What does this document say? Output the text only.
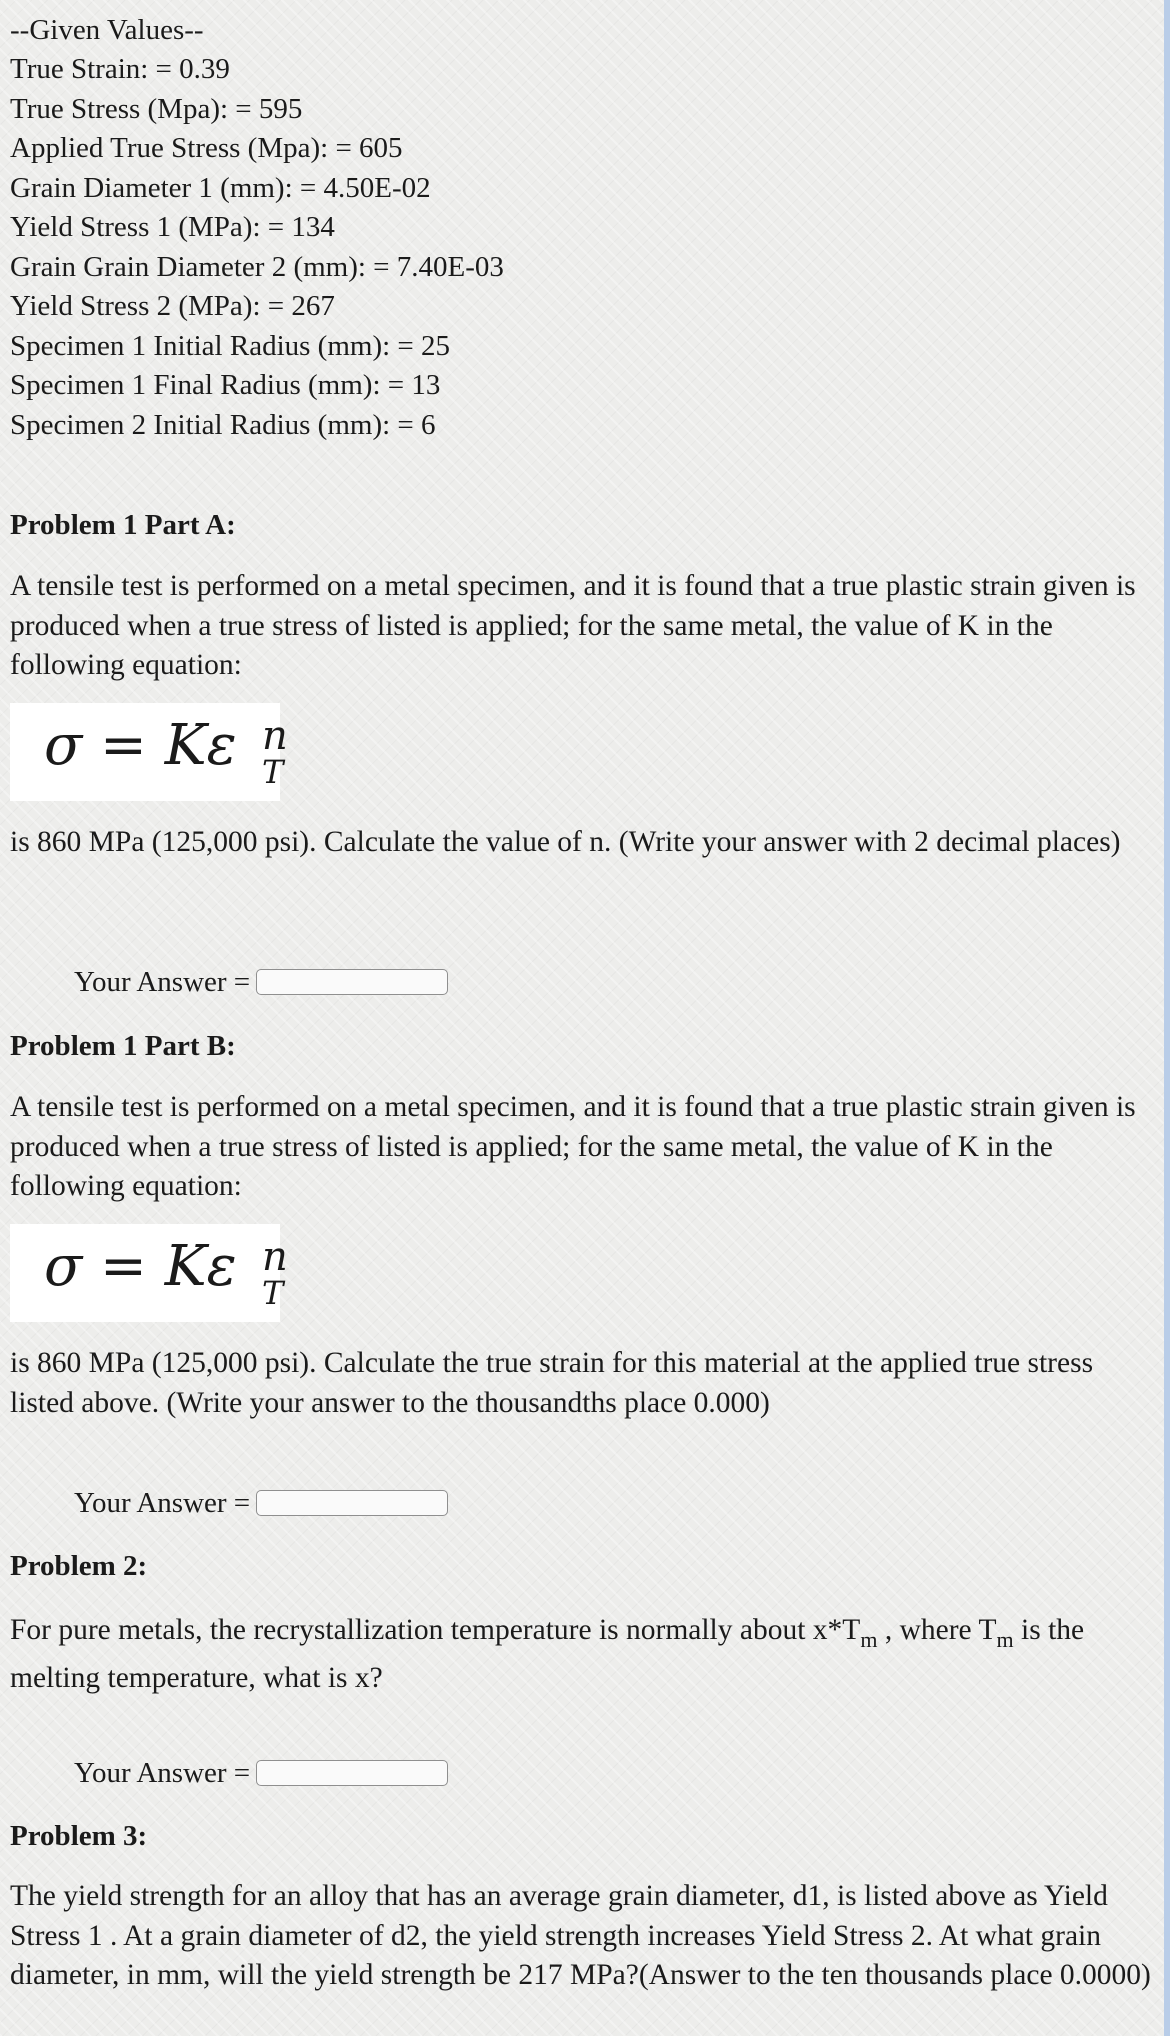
--Given Values--
True Strain: = 0.39
True Stress (Mpa): = 595
Applied True Stress (Mpa): = 605
Grain Diameter 1 (mm): = 4.50E-02
Yield Stress 1 (MPa): = 134
Grain Grain Diameter 2 (mm): = 7.40E-03
Yield Stress 2 (MPa): = 267
Specimen 1 Initial Radius (mm): = 25
Specimen 1 Final Radius (mm): = 13
Specimen 2 Initial Radius (mm): = 6
Problem 1 Part A:
A tensile test is performed on a metal specimen, and it is found that a true plastic strain given is produced when a true stress of listed is applied; for the same metal, the value of K in the following equation:
σ = Kε n
T
is 860 MPa (125,000 psi). Calculate the value of n. (Write your answer with 2 decimal places)
Your Answer =
Problem 1 Part B:
A tensile test is performed on a metal specimen, and it is found that a true plastic strain given is produced when a true stress of listed is applied; for the same metal, the value of K in the following equation:
σ = Kε n
T
is 860 MPa (125,000 psi). Calculate the true strain for this material at the applied true stress listed above. (Write your answer to the thousandths place 0.000)
Your Answer =
Problem 2:
For pure metals, the recrystallization temperature is normally about $x*T_m$ , where $T_m$ is the melting temperature, what is x?
Your Answer =
Problem 3:
The yield strength for an alloy that has an average grain diameter, d1, is listed above as Yield Stress 1 . At a grain diameter of d2, the yield strength increases Yield Stress 2. At what grain diameter, in mm, will the yield strength be 217 MPa?(Answer to the ten thousands place 0.0000)
